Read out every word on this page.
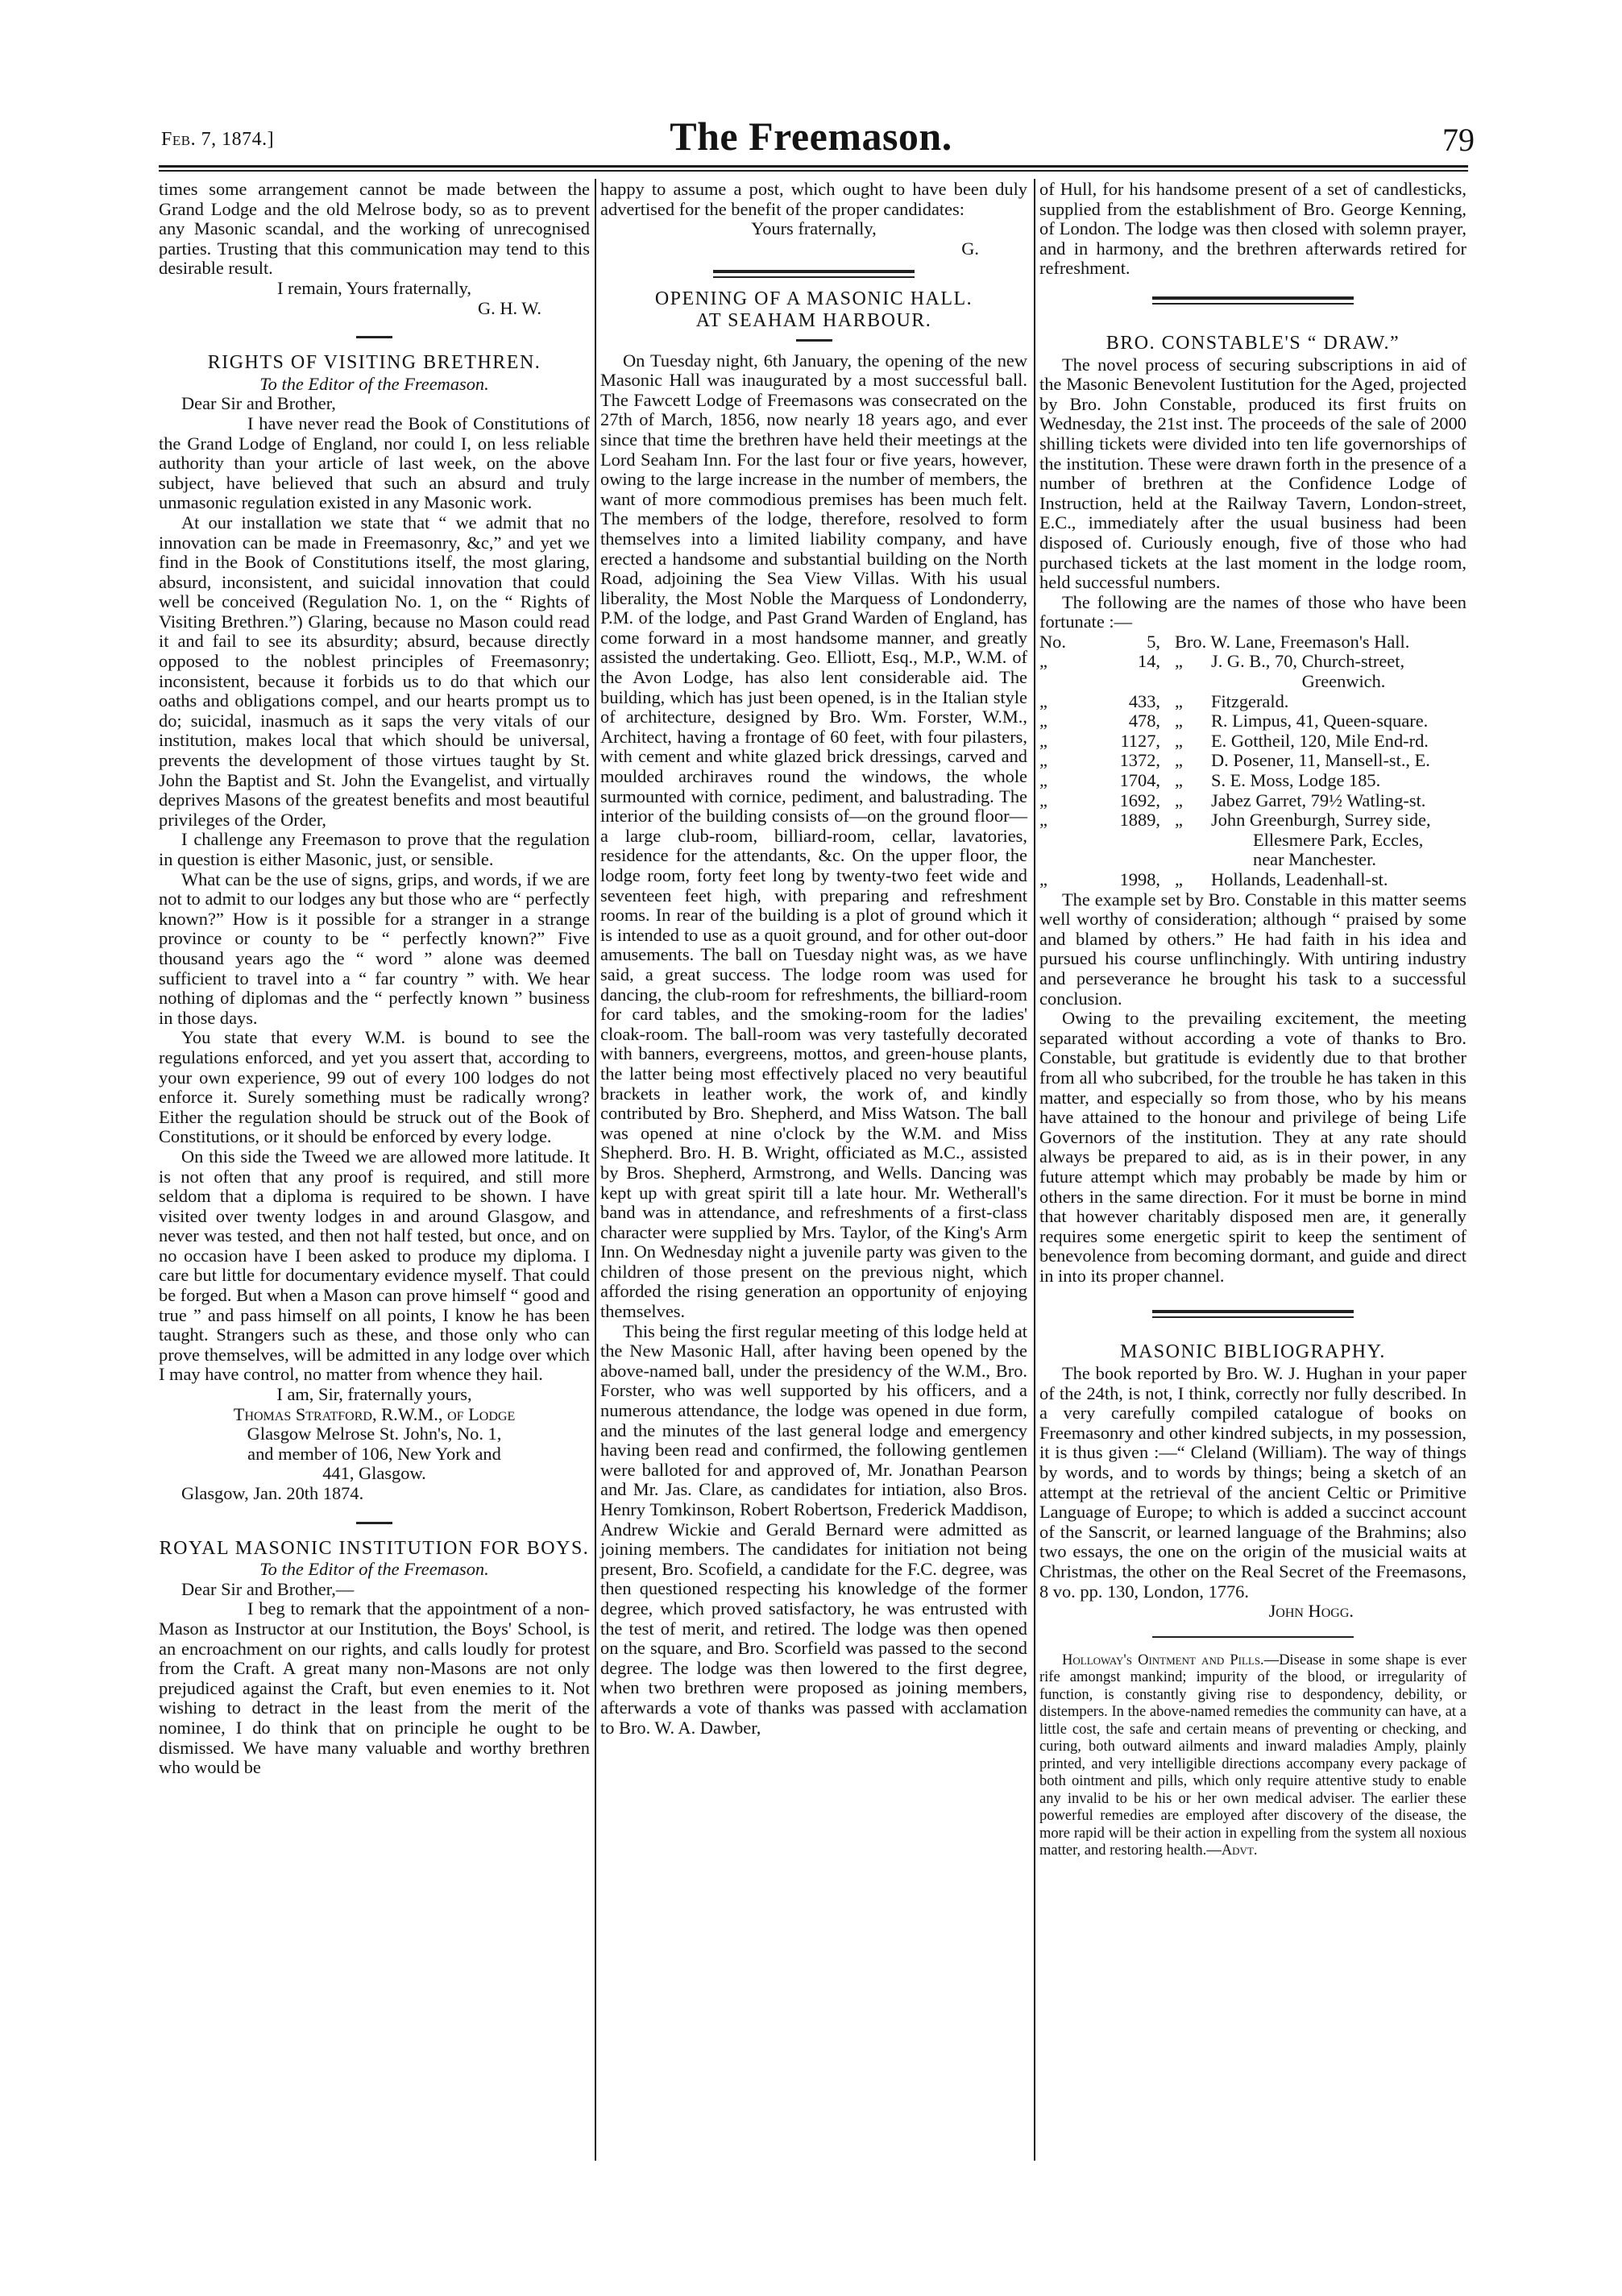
Feb. 7, 1874.]	The Freemason.	79

times some arrangement cannot be made between the Grand Lodge and the old Melrose body, so as to prevent any Masonic scandal, and the working of unrecognised parties. Trusting that this communication may tend to this desirable result.

I remain, Yours fraternally,

G. H. W.

RIGHTS OF VISITING BRETHREN.

To the Editor of the Freemason.

Dear Sir and Brother,

I have never read the Book of Constitutions of the Grand Lodge of England, nor could I, on less reliable authority than your article of last week, on the above subject, have believed that such an absurd and truly unmasonic regulation existed in any Masonic work.

At our installation we state that “ we admit that no innovation can be made in Freemasonry, &c,” and yet we find in the Book of Constitutions itself, the most glaring, absurd, inconsistent, and suicidal innovation that could well be conceived (Regulation No. 1, on the “ Rights of Visiting Brethren.”) Glaring, because no Mason could read it and fail to see its absurdity; absurd, because directly opposed to the noblest principles of Freemasonry; inconsistent, because it forbids us to do that which our oaths and obligations compel, and our hearts prompt us to do; suicidal, inasmuch as it saps the very vitals of our institution, makes local that which should be universal, prevents the development of those virtues taught by St. John the Baptist and St. John the Evangelist, and virtually deprives Masons of the greatest benefits and most beautiful privileges of the Order,

I challenge any Freemason to prove that the regulation in question is either Masonic, just, or sensible.

What can be the use of signs, grips, and words, if we are not to admit to our lodges any but those who are “ perfectly known?” How is it possible for a stranger in a strange province or county to be “ perfectly known?” Five thousand years ago the “ word ” alone was deemed sufficient to travel into a “ far country ” with. We hear nothing of diplomas and the “ perfectly known ” business in those days.

You state that every W.M. is bound to see the regulations enforced, and yet you assert that, according to your own experience, 99 out of every 100 lodges do not enforce it. Surely something must be radically wrong? Either the regulation should be struck out of the Book of Constitutions, or it should be enforced by every lodge.

On this side the Tweed we are allowed more latitude. It is not often that any proof is required, and still more seldom that a diploma is required to be shown. I have visited over twenty lodges in and around Glasgow, and never was tested, and then not half tested, but once, and on no occasion have I been asked to produce my diploma. I care but little for documentary evidence myself. That could be forged. But when a Mason can prove himself “ good and true ” and pass himself on all points, I know he has been taught. Strangers such as these, and those only who can prove themselves, will be admitted in any lodge over which I may have control, no matter from whence they hail.

I am, Sir, fraternally yours,

Thomas Stratford, R.W.M., of Lodge

Glasgow Melrose St. John's, No. 1,

and member of 106, New York and

441, Glasgow.

Glasgow, Jan. 20th 1874.

ROYAL MASONIC INSTITUTION FOR BOYS.

To the Editor of the Freemason.

Dear Sir and Brother,—

I beg to remark that the appointment of a non-Mason as Instructor at our Institution, the Boys' School, is an encroachment on our rights, and calls loudly for protest from the Craft. A great many non-Masons are not only prejudiced against the Craft, but even enemies to it. Not wishing to detract in the least from the merit of the nominee, I do think that on principle he ought to be dismissed. We have many valuable and worthy brethren who would be

happy to assume a post, which ought to have been duly advertised for the benefit of the proper candidates:

Yours fraternally,

G.

OPENING OF A MASONIC HALL.

AT SEAHAM HARBOUR.

On Tuesday night, 6th January, the opening of the new Masonic Hall was inaugurated by a most successful ball. The Fawcett Lodge of Freemasons was consecrated on the 27th of March, 1856, now nearly 18 years ago, and ever since that time the brethren have held their meetings at the Lord Seaham Inn. For the last four or five years, however, owing to the large increase in the number of members, the want of more commodious premises has been much felt. The members of the lodge, therefore, resolved to form themselves into a limited liability company, and have erected a handsome and substantial building on the North Road, adjoining the Sea View Villas. With his usual liberality, the Most Noble the Marquess of Londonderry, P.M. of the lodge, and Past Grand Warden of England, has come forward in a most handsome manner, and greatly assisted the undertaking. Geo. Elliott, Esq., M.P., W.M. of the Avon Lodge, has also lent considerable aid. The building, which has just been opened, is in the Italian style of architecture, designed by Bro. Wm. Forster, W.M., Architect, having a frontage of 60 feet, with four pilasters, with cement and white glazed brick dressings, carved and moulded archiraves round the windows, the whole surmounted with cornice, pediment, and balustrading. The interior of the building consists of—on the ground floor—a large club-room, billiard-room, cellar, lavatories, residence for the attendants, &c. On the upper floor, the lodge room, forty feet long by twenty-two feet wide and seventeen feet high, with preparing and refreshment rooms. In rear of the building is a plot of ground which it is intended to use as a quoit ground, and for other out-door amusements. The ball on Tuesday night was, as we have said, a great success. The lodge room was used for dancing, the club-room for refreshments, the billiard-room for card tables, and the smoking-room for the ladies' cloak-room. The ball-room was very tastefully decorated with banners, evergreens, mottos, and green-house plants, the latter being most effectively placed no very beautiful brackets in leather work, the work of, and kindly contributed by Bro. Shepherd, and Miss Watson. The ball was opened at nine o'clock by the W.M. and Miss Shepherd. Bro. H. B. Wright, officiated as M.C., assisted by Bros. Shepherd, Armstrong, and Wells. Dancing was kept up with great spirit till a late hour. Mr. Wetherall's band was in attendance, and refreshments of a first-class character were supplied by Mrs. Taylor, of the King's Arm Inn. On Wednesday night a juvenile party was given to the children of those present on the previous night, which afforded the rising generation an opportunity of enjoying themselves.

This being the first regular meeting of this lodge held at the New Masonic Hall, after having been opened by the above-named ball, under the presidency of the W.M., Bro. Forster, who was well supported by his officers, and a numerous attendance, the lodge was opened in due form, and the minutes of the last general lodge and emergency having been read and confirmed, the following gentlemen were balloted for and approved of, Mr. Jonathan Pearson and Mr. Jas. Clare, as candidates for intiation, also Bros. Henry Tomkinson, Robert Robertson, Frederick Maddison, Andrew Wickie and Gerald Bernard were admitted as joining members. The candidates for initiation not being present, Bro. Scofield, a candidate for the F.C. degree, was then questioned respecting his knowledge of the former degree, which proved satisfactory, he was entrusted with the test of merit, and retired. The lodge was then opened on the square, and Bro. Scorfield was passed to the second degree. The lodge was then lowered to the first degree, when two brethren were proposed as joining members, afterwards a vote of thanks was passed with acclamation to Bro. W. A. Dawber,

of Hull, for his handsome present of a set of candlesticks, supplied from the establishment of Bro. George Kenning, of London. The lodge was then closed with solemn prayer, and in harmony, and the brethren afterwards retired for refreshment.

BRO. CONSTABLE'S “ DRAW.”

The novel process of securing subscriptions in aid of the Masonic Benevolent Iustitution for the Aged, projected by Bro. John Constable, produced its first fruits on Wednesday, the 21st inst. The proceeds of the sale of 2000 shilling tickets were divided into ten life governorships of the institution. These were drawn forth in the presence of a number of brethren at the Confidence Lodge of Instruction, held at the Railway Tavern, London-street, E.C., immediately after the usual business had been disposed of. Curiously enough, five of those who had purchased tickets at the last moment in the lodge room, held successful numbers.

The following are the names of those who have been fortunate :—

No.	5, Bro. W. Lane, Freemason's Hall.
„	14, „	J. G. B., 70, Church-street,
Greenwich.
„	433, „	Fitzgerald.
„	478, „	R. Limpus, 41, Queen-square.
„	1127, „	E. Gottheil, 120, Mile End-rd.
„	1372, „	D. Posener, 11, Mansell-st., E.
„	1704, „	S. E. Moss, Lodge 185.
„	1692, „	Jabez Garret, 79½ Watling-st.
„	1889, „	John Greenburgh, Surrey side,
Ellesmere Park, Eccles,
near Manchester.
„	1998, „	Hollands, Leadenhall-st.

The example set by Bro. Constable in this matter seems well worthy of consideration; although “ praised by some and blamed by others.” He had faith in his idea and pursued his course unflinchingly. With untiring industry and perseverance he brought his task to a successful conclusion.

Owing to the prevailing excitement, the meeting separated without according a vote of thanks to Bro. Constable, but gratitude is evidently due to that brother from all who subcribed, for the trouble he has taken in this matter, and especially so from those, who by his means have attained to the honour and privilege of being Life Governors of the institution. They at any rate should always be prepared to aid, as is in their power, in any future attempt which may probably be made by him or others in the same direction. For it must be borne in mind that however charitably disposed men are, it generally requires some energetic spirit to keep the sentiment of benevolence from becoming dormant, and guide and direct in into its proper channel.

MASONIC BIBLIOGRAPHY.

The book reported by Bro. W. J. Hughan in your paper of the 24th, is not, I think, correctly nor fully described. In a very carefully compiled catalogue of books on Freemasonry and other kindred subjects, in my possession, it is thus given :—“ Cleland (William). The way of things by words, and to words by things; being a sketch of an attempt at the retrieval of the ancient Celtic or Primitive Language of Europe; to which is added a succinct account of the Sanscrit, or learned language of the Brahmins; also two essays, the one on the origin of the musicial waits at Christmas, the other on the Real Secret of the Freemasons, 8 vo. pp. 130, London, 1776.

John Hogg.

Holloway's Ointment and Pills.—Disease in some shape is ever rife amongst mankind; impurity of the blood, or irregularity of function, is constantly giving rise to despondency, debility, or distempers. In the above-named remedies the community can have, at a little cost, the safe and certain means of preventing or checking, and curing, both outward ailments and inward maladies Amply, plainly printed, and very intelligible directions accompany every package of both ointment and pills, which only require attentive study to enable any invalid to be his or her own medical adviser. The earlier these powerful remedies are employed after discovery of the disease, the more rapid will be their action in expelling from the system all noxious matter, and restoring health.—Advt.
